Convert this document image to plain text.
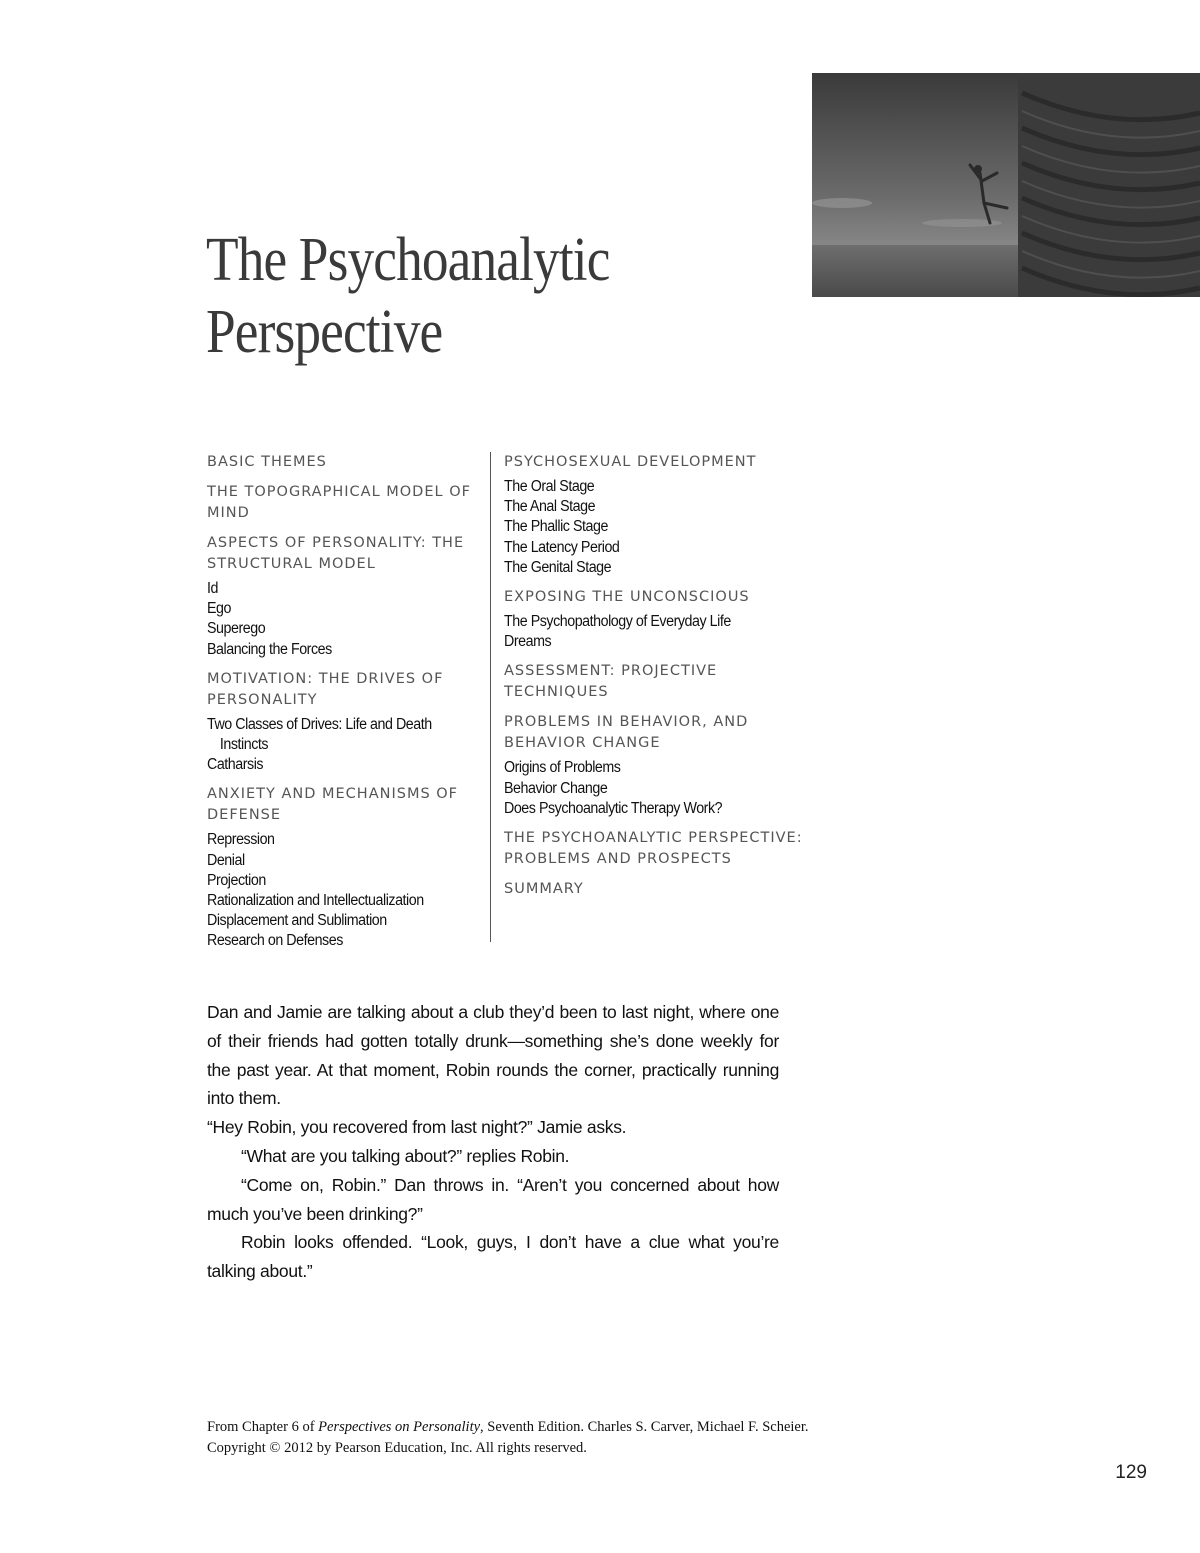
The Psychoanalytic
Perspective
BASIC THEMES
THE TOPOGRAPHICAL MODEL OF MIND
ASPECTS OF PERSONALITY: THE STRUCTURAL MODEL
Id
Ego
Superego
Balancing the Forces
MOTIVATION: THE DRIVES OF PERSONALITY
Two Classes of Drives: Life and Death Instincts
Catharsis
ANXIETY AND MECHANISMS OF DEFENSE
Repression
Denial
Projection
Rationalization and Intellectualization
Displacement and Sublimation
Research on Defenses
PSYCHOSEXUAL DEVELOPMENT
The Oral Stage
The Anal Stage
The Phallic Stage
The Latency Period
The Genital Stage
EXPOSING THE UNCONSCIOUS
The Psychopathology of Everyday Life
Dreams
ASSESSMENT: PROJECTIVE TECHNIQUES
PROBLEMS IN BEHAVIOR, AND BEHAVIOR CHANGE
Origins of Problems
Behavior Change
Does Psychoanalytic Therapy Work?
THE PSYCHOANALYTIC PERSPECTIVE: PROBLEMS AND PROSPECTS
SUMMARY

Dan and Jamie are talking about a club they’d been to last night, where one of their friends had gotten totally drunk—something she’s done weekly for the past year. At that moment, Robin rounds the corner, practically running into them.

“Hey Robin, you recovered from last night?” Jamie asks.

“What are you talking about?” replies Robin.

“Come on, Robin.” Dan throws in. “Aren’t you concerned about how much you’ve been drinking?”

Robin looks offended. “Look, guys, I don’t have a clue what you’re talking about.”

From Chapter 6 of Perspectives on Personality, Seventh Edition. Charles S. Carver, Michael F. Scheier.

Copyright © 2012 by Pearson Education, Inc. All rights reserved.

129
